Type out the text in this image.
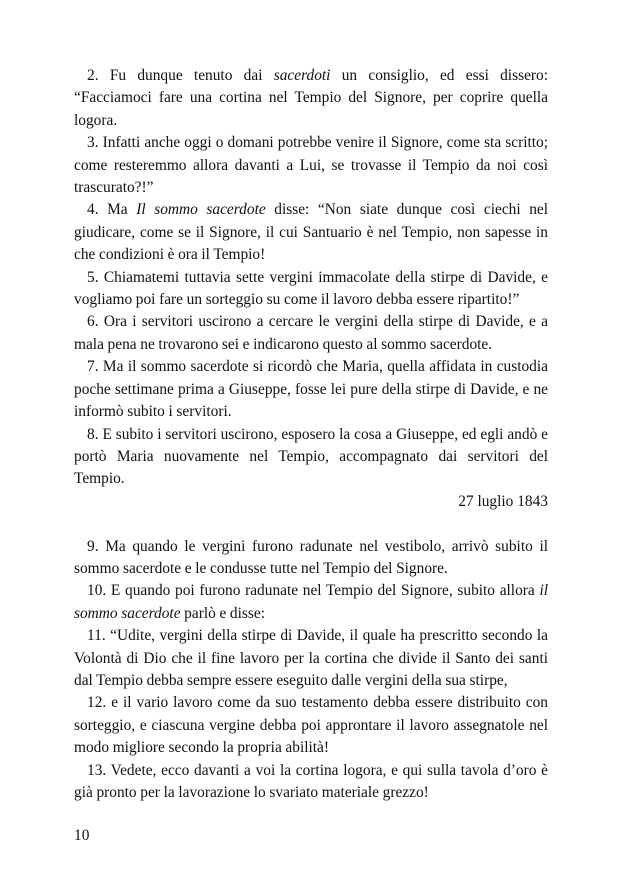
2. Fu dunque tenuto dai sacerdoti un consiglio, ed essi dissero: “Facciamoci fare una cortina nel Tempio del Signore, per coprire quella logora.

3. Infatti anche oggi o domani potrebbe venire il Signore, come sta scritto; come resteremmo allora davanti a Lui, se trovasse il Tempio da noi così trascurato?!”

4. Ma Il sommo sacerdote disse: “Non siate dunque così ciechi nel giudicare, come se il Signore, il cui Santuario è nel Tempio, non sapesse in che condizioni è ora il Tempio!

5. Chiamatemi tuttavia sette vergini immacolate della stirpe di Davide, e vogliamo poi fare un sorteggio su come il lavoro debba essere ripartito!”

6. Ora i servitori uscirono a cercare le vergini della stirpe di Davide, e a mala pena ne trovarono sei e indicarono questo al sommo sacerdote.

7. Ma il sommo sacerdote si ricordò che Maria, quella affidata in custodia poche settimane prima a Giuseppe, fosse lei pure della stirpe di Davide, e ne informò subito i servitori.

8. E subito i servitori uscirono, esposero la cosa a Giuseppe, ed egli andò e portò Maria nuovamente nel Tempio, accompagnato dai servitori del Tempio.

27 luglio 1843

9. Ma quando le vergini furono radunate nel vestibolo, arrivò subito il sommo sacerdote e le condusse tutte nel Tempio del Signore.

10. E quando poi furono radunate nel Tempio del Signore, subito allora il sommo sacerdote parlò e disse:

11. “Udite, vergini della stirpe di Davide, il quale ha prescritto secondo la Volontà di Dio che il fine lavoro per la cortina che divide il Santo dei santi dal Tempio debba sempre essere eseguito dalle vergini della sua stirpe,

12. e il vario lavoro come da suo testamento debba essere distribuito con sorteggio, e ciascuna vergine debba poi approntare il lavoro assegnatole nel modo migliore secondo la propria abilità!

13. Vedete, ecco davanti a voi la cortina logora, e qui sulla tavola d’oro è già pronto per la lavorazione lo svariato materiale grezzo!

10
